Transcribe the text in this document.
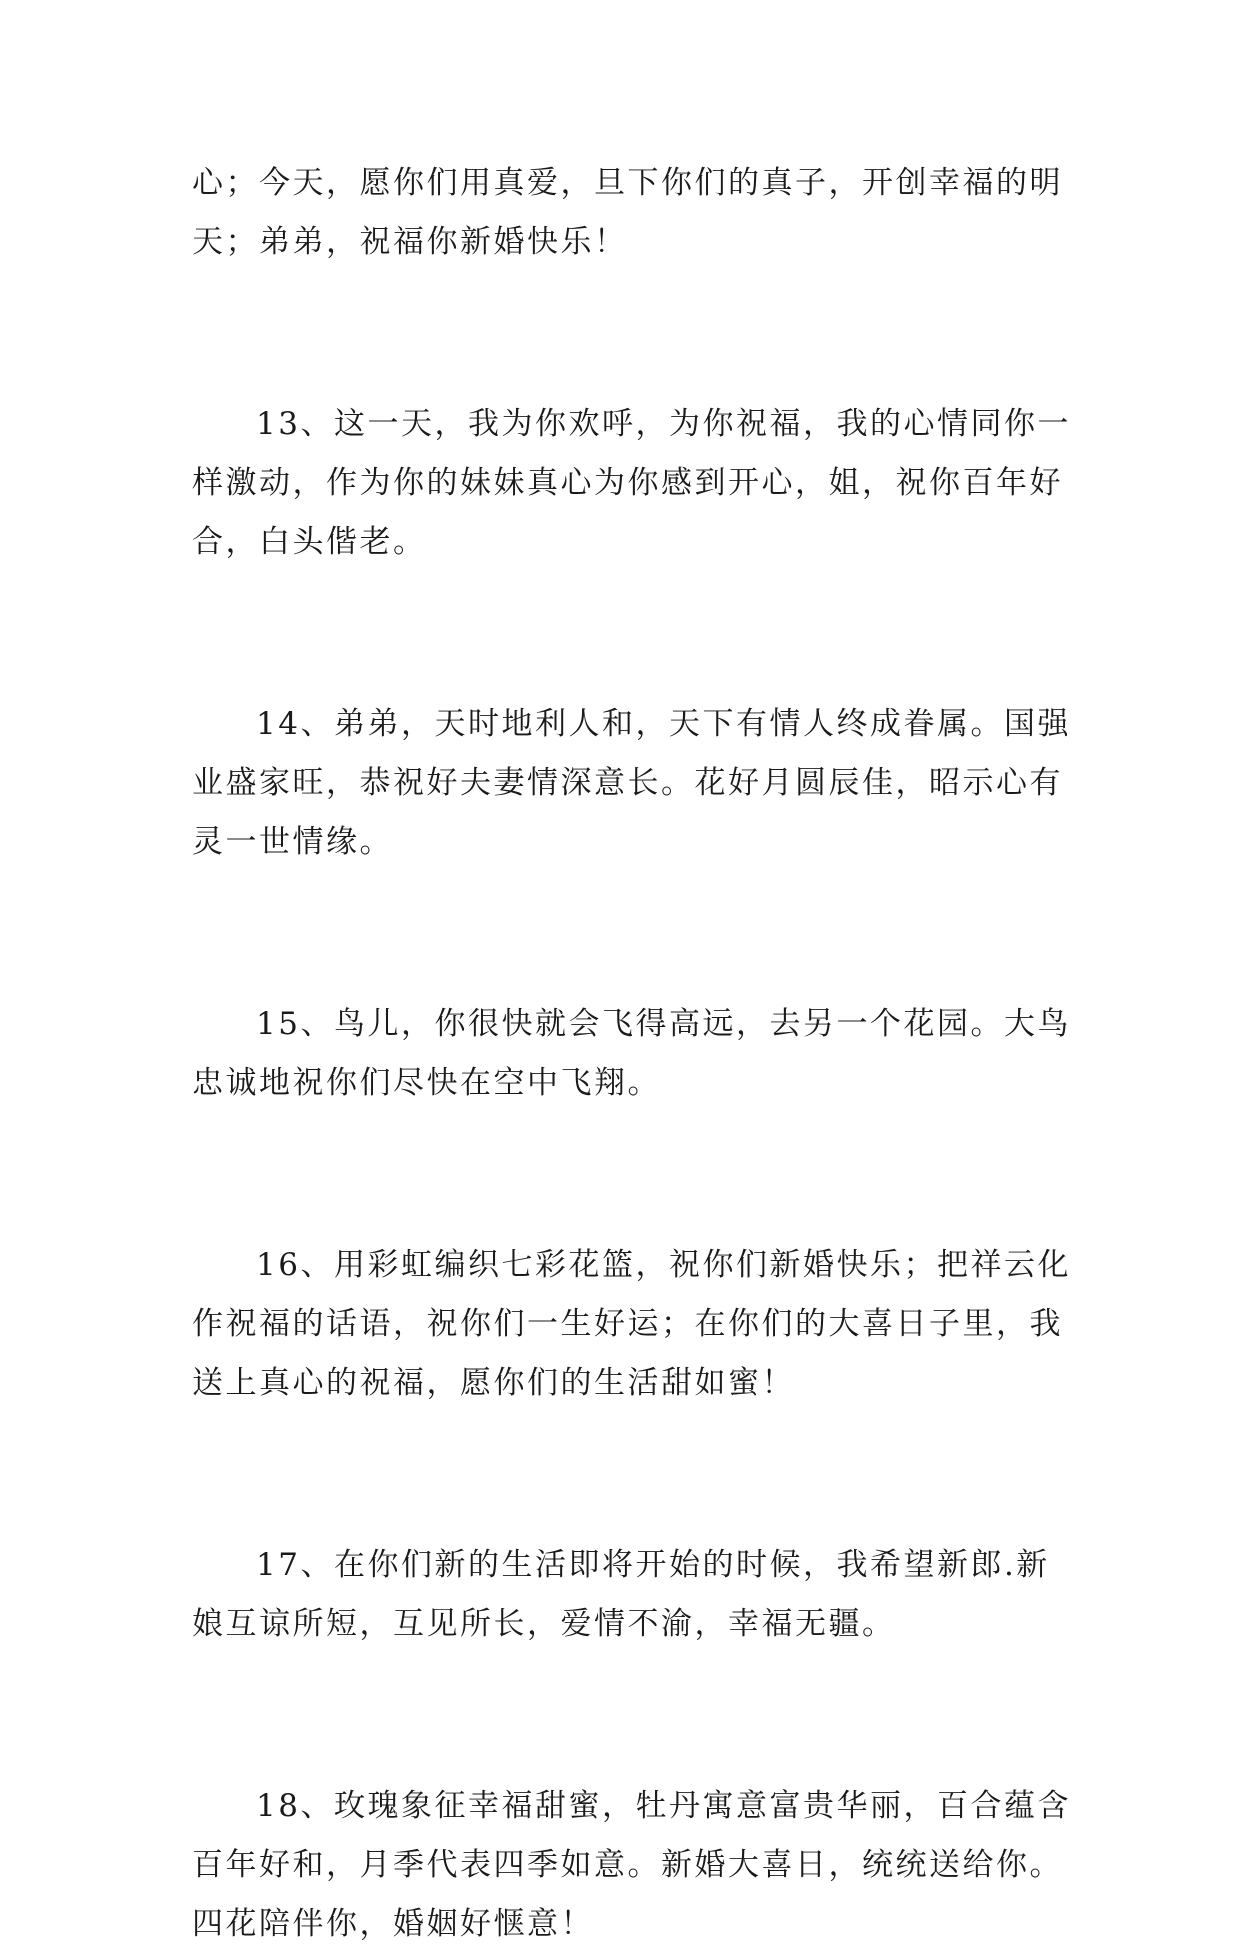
心；今天，愿你们用真爱，旦下你们的真子，开创幸福的明
天；弟弟，祝福你新婚快乐！
13、这一天，我为你欢呼，为你祝福，我的心情同你一
样激动，作为你的妹妹真心为你感到开心，姐，祝你百年好
合，白头偕老。
14、弟弟，天时地利人和，天下有情人终成眷属。国强
业盛家旺，恭祝好夫妻情深意长。花好月圆辰佳，昭示心有
灵一世情缘。
15、鸟儿，你很快就会飞得高远，去另一个花园。大鸟
忠诚地祝你们尽快在空中飞翔。
16、用彩虹编织七彩花篮，祝你们新婚快乐；把祥云化
作祝福的话语，祝你们一生好运；在你们的大喜日子里，我
送上真心的祝福，愿你们的生活甜如蜜！
17、在你们新的生活即将开始的时候，我希望新郎.新
娘互谅所短，互见所长，爱情不渝，幸福无疆。
18、玫瑰象征幸福甜蜜，牡丹寓意富贵华丽，百合蕴含
百年好和，月季代表四季如意。新婚大喜日，统统送给你。
四花陪伴你，婚姻好惬意！
